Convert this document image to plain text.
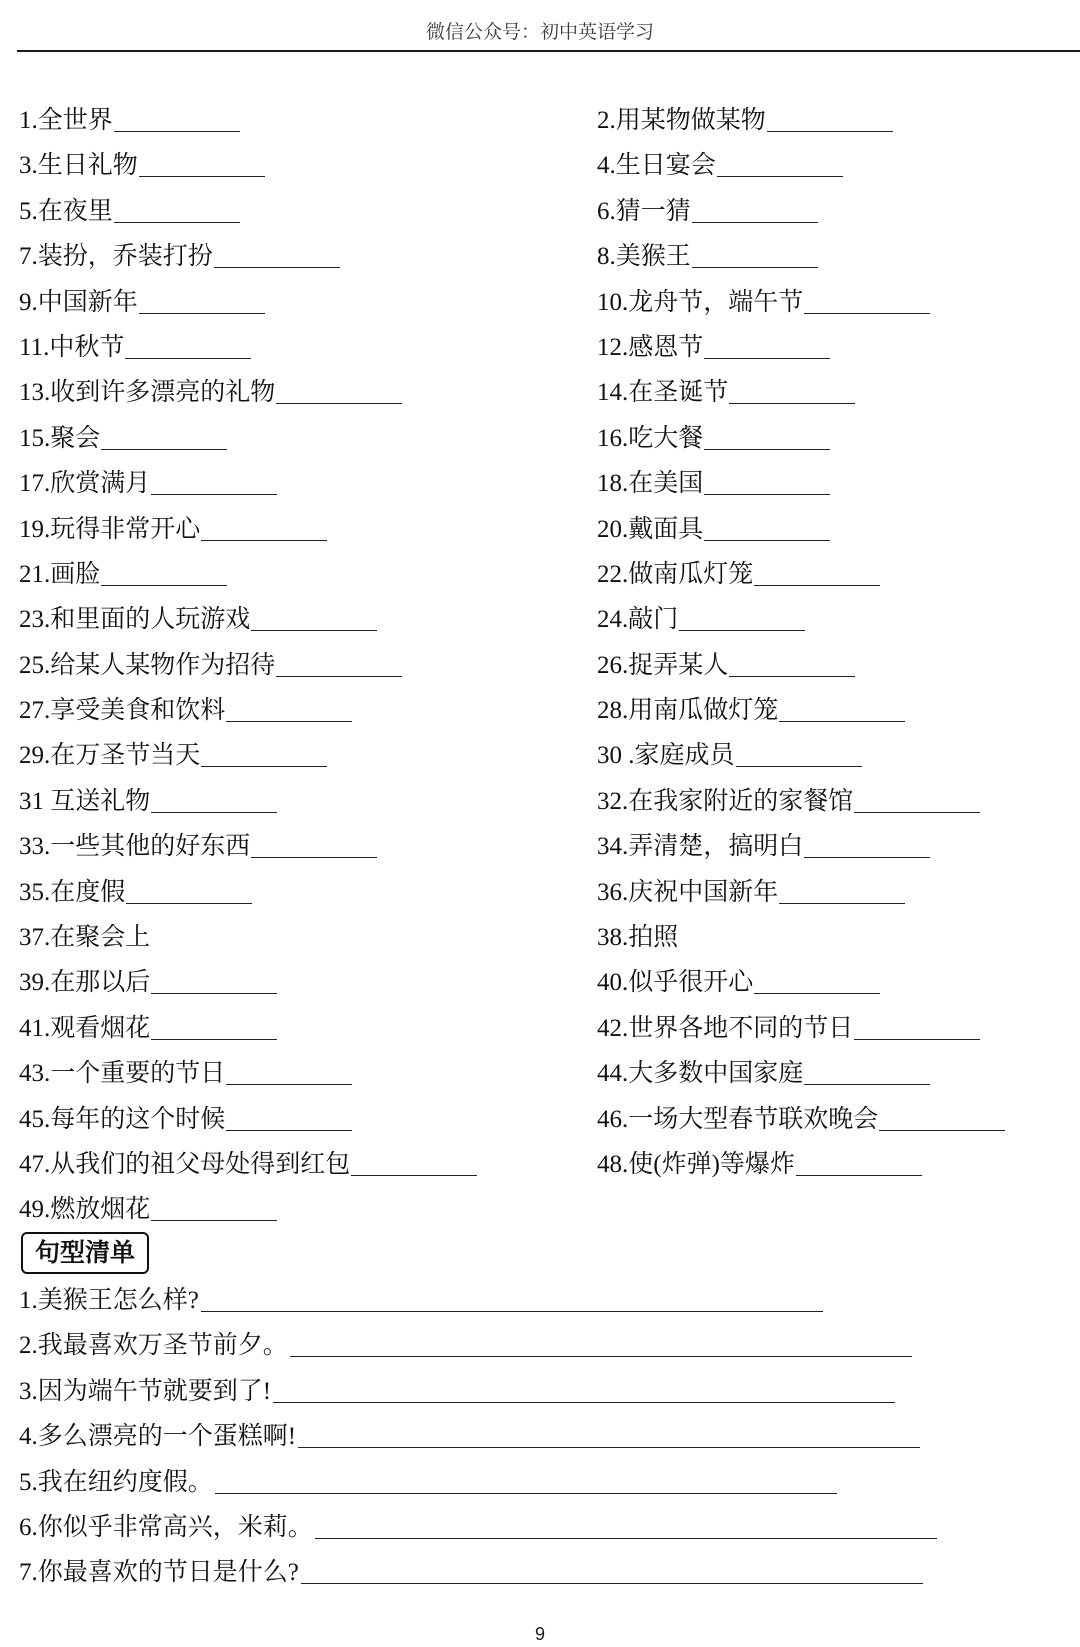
微信公众号：初中英语学习
1.全世界	2.用某物做某物
3.生日礼物	4.生日宴会
5.在夜里	6.猜一猜
7.装扮，乔装打扮	8.美猴王
9.中国新年	10.龙舟节，端午节
11.中秋节	12.感恩节
13.收到许多漂亮的礼物	14.在圣诞节
15.聚会	16.吃大餐
17.欣赏满月	18.在美国
19.玩得非常开心	20.戴面具
21.画脸	22.做南瓜灯笼
23.和里面的人玩游戏	24.敲门
25.给某人某物作为招待	26.捉弄某人
27.享受美食和饮料	28.用南瓜做灯笼
29.在万圣节当天	30 .家庭成员
31 互送礼物	32.在我家附近的家餐馆
33.一些其他的好东西	34.弄清楚，搞明白
35.在度假	36.庆祝中国新年
37.在聚会上	38.拍照
39.在那以后	40.似乎很开心
41.观看烟花	42.世界各地不同的节日
43.一个重要的节日	44.大多数中国家庭
45.每年的这个时候	46.一场大型春节联欢晚会
47.从我们的祖父母处得到红包	48.使(炸弹)等爆炸
49.燃放烟花
句型清单
1.美猴王怎么样?
2.我最喜欢万圣节前夕。
3.因为端午节就要到了!
4.多么漂亮的一个蛋糕啊!
5.我在纽约度假。
6.你似乎非常高兴，米莉。
7.你最喜欢的节日是什么?
9
